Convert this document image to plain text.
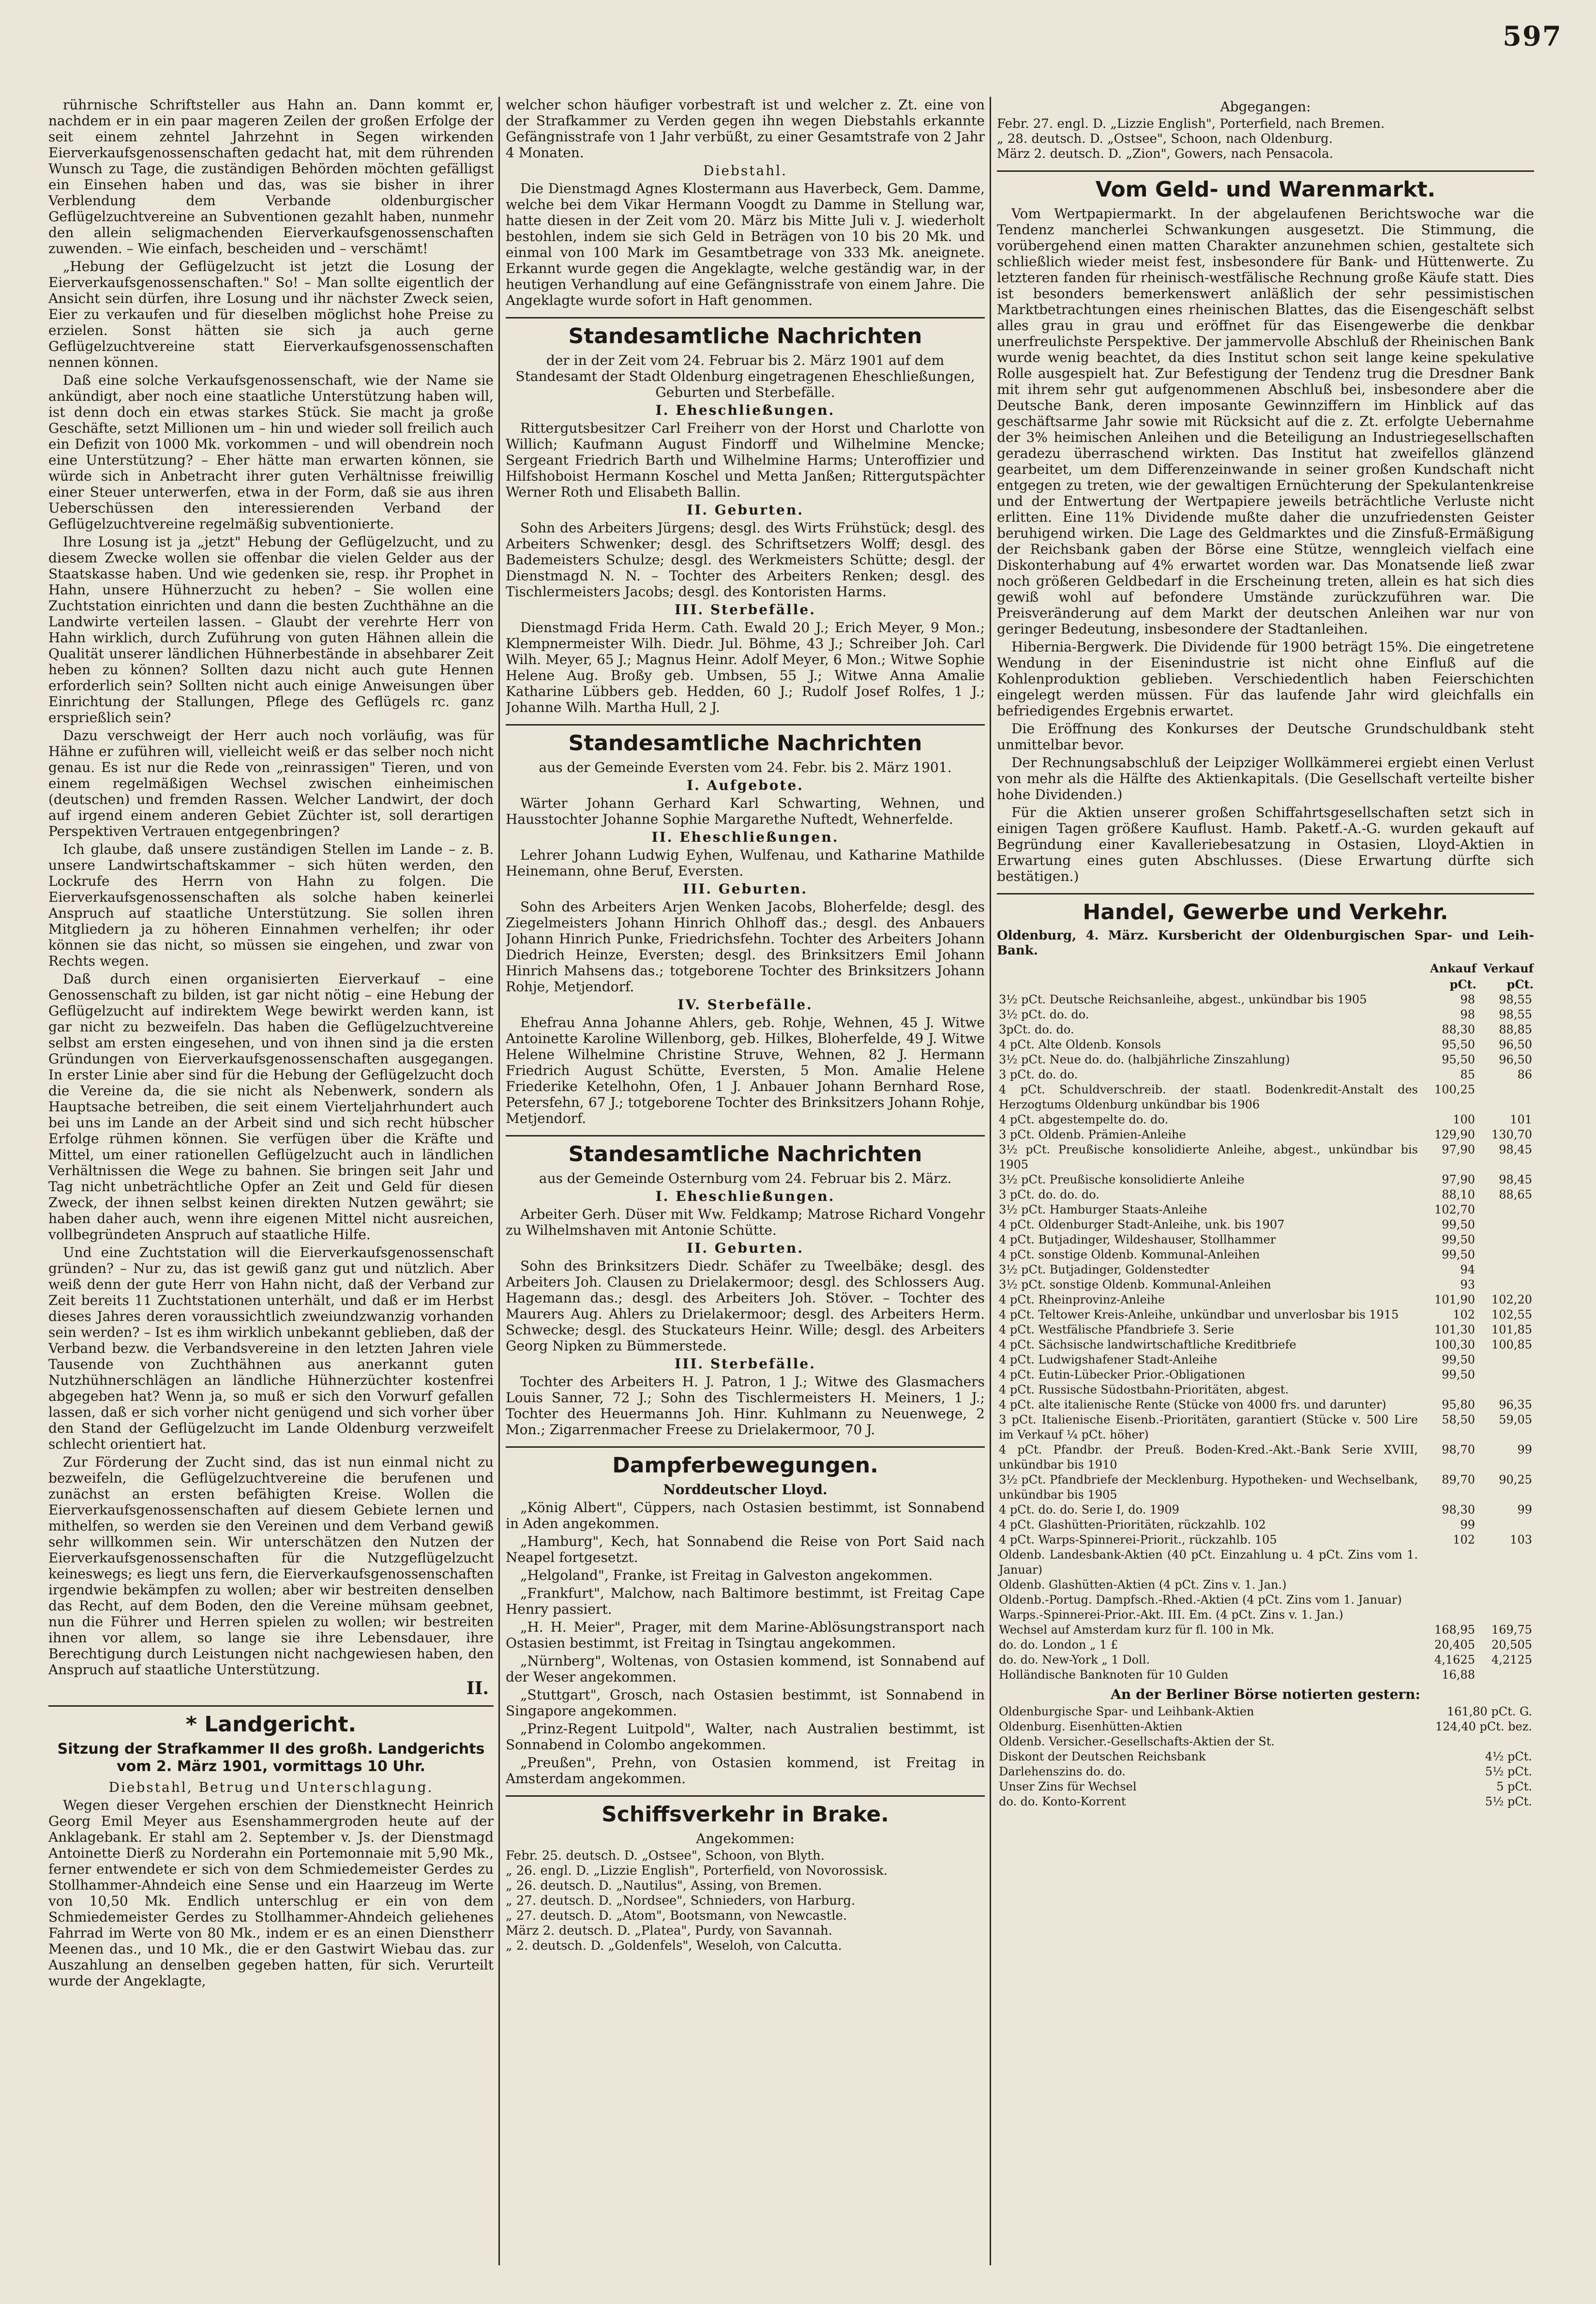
597

rührnische Schriftsteller aus Hahn an. Dann kommt er, nachdem er in ein paar mageren Zeilen der großen Erfolge der seit einem zehntel Jahrzehnt in Segen wirkenden Eierverkaufsgenossenschaften gedacht hat, mit dem rührenden Wunsch zu Tage, die zuständigen Behörden möchten gefälligst ein Einsehen haben und das, was sie bisher in ihrer Verblendung dem Verbande oldenburgischer Geflügelzuchtvereine an Subventionen gezahlt haben, nunmehr den allein seligmachenden Eierverkaufsgenossenschaften zuwenden. – Wie einfach, bescheiden und – verschämt!

„Hebung der Geflügelzucht ist jetzt die Losung der Eierverkaufsgenossenschaften." So! – Man sollte eigentlich der Ansicht sein dürfen, ihre Losung und ihr nächster Zweck seien, Eier zu verkaufen und für dieselben möglichst hohe Preise zu erzielen. Sonst hätten sie sich ja auch gerne Geflügelzuchtvereine statt Eierverkaufsgenossenschaften nennen können.

Daß eine solche Verkaufsgenossenschaft, wie der Name sie ankündigt, aber noch eine staatliche Unterstützung haben will, ist denn doch ein etwas starkes Stück. Sie macht ja große Geschäfte, setzt Millionen um – hin und wieder soll freilich auch ein Defizit von 1000 Mk. vorkommen – und will obendrein noch eine Unterstützung? – Eher hätte man erwarten können, sie würde sich in Anbetracht ihrer guten Verhältnisse freiwillig einer Steuer unterwerfen, etwa in der Form, daß sie aus ihren Ueberschüssen den interessierenden Verband der Geflügelzuchtvereine regelmäßig subventionierte.

Ihre Losung ist ja „jetzt" Hebung der Geflügelzucht, und zu diesem Zwecke wollen sie offenbar die vielen Gelder aus der Staatskasse haben. Und wie gedenken sie, resp. ihr Prophet in Hahn, unsere Hühnerzucht zu heben? – Sie wollen eine Zuchtstation einrichten und dann die besten Zuchthähne an die Landwirte verteilen lassen. – Glaubt der verehrte Herr von Hahn wirklich, durch Zuführung von guten Hähnen allein die Qualität unserer ländlichen Hühnerbestände in absehbarer Zeit heben zu können? Sollten dazu nicht auch gute Hennen erforderlich sein? Sollten nicht auch einige Anweisungen über Einrichtung der Stallungen, Pflege des Geflügels rc. ganz ersprießlich sein?

Dazu verschweigt der Herr auch noch vorläufig, was für Hähne er zuführen will, vielleicht weiß er das selber noch nicht genau. Es ist nur die Rede von „reinrassigen" Tieren, und von einem regelmäßigen Wechsel zwischen einheimischen (deutschen) und fremden Rassen. Welcher Landwirt, der doch auf irgend einem anderen Gebiet Züchter ist, soll derartigen Perspektiven Vertrauen entgegenbringen?

Ich glaube, daß unsere zuständigen Stellen im Lande – z. B. unsere Landwirtschaftskammer – sich hüten werden, den Lockrufe des Herrn von Hahn zu folgen. Die Eierverkaufsgenossenschaften als solche haben keinerlei Anspruch auf staatliche Unterstützung. Sie sollen ihren Mitgliedern ja zu höheren Einnahmen verhelfen; ihr oder können sie das nicht, so müssen sie eingehen, und zwar von Rechts wegen.

Daß durch einen organisierten Eierverkauf – eine Genossenschaft zu bilden, ist gar nicht nötig – eine Hebung der Geflügelzucht auf indirektem Wege bewirkt werden kann, ist gar nicht zu bezweifeln. Das haben die Geflügelzuchtvereine selbst am ersten eingesehen, und von ihnen sind ja die ersten Gründungen von Eierverkaufsgenossenschaften ausgegangen. In erster Linie aber sind für die Hebung der Geflügelzucht doch die Vereine da, die sie nicht als Nebenwerk, sondern als Hauptsache betreiben, die seit einem Vierteljahrhundert auch bei uns im Lande an der Arbeit sind und sich recht hübscher Erfolge rühmen können. Sie verfügen über die Kräfte und Mittel, um einer rationellen Geflügelzucht auch in ländlichen Verhältnissen die Wege zu bahnen. Sie bringen seit Jahr und Tag nicht unbeträchtliche Opfer an Zeit und Geld für diesen Zweck, der ihnen selbst keinen direkten Nutzen gewährt; sie haben daher auch, wenn ihre eigenen Mittel nicht ausreichen, vollbegründeten Anspruch auf staatliche Hilfe.

Und eine Zuchtstation will die Eierverkaufsgenossenschaft gründen? – Nur zu, das ist gewiß ganz gut und nützlich. Aber weiß denn der gute Herr von Hahn nicht, daß der Verband zur Zeit bereits 11 Zuchtstationen unterhält, und daß er im Herbst dieses Jahres deren voraussichtlich zweiundzwanzig vorhanden sein werden? – Ist es ihm wirklich unbekannt geblieben, daß der Verband bezw. die Verbandsvereine in den letzten Jahren viele Tausende von Zuchthähnen aus anerkannt guten Nutzhühnerschlägen an ländliche Hühnerzüchter kostenfrei abgegeben hat? Wenn ja, so muß er sich den Vorwurf gefallen lassen, daß er sich vorher nicht genügend und sich vorher über den Stand der Geflügelzucht im Lande Oldenburg verzweifelt schlecht orientiert hat.

Zur Förderung der Zucht sind, das ist nun einmal nicht zu bezweifeln, die Geflügelzuchtvereine die berufenen und zunächst an ersten befähigten Kreise. Wollen die Eierverkaufsgenossenschaften auf diesem Gebiete lernen und mithelfen, so werden sie den Vereinen und dem Verband gewiß sehr willkommen sein. Wir unterschätzen den Nutzen der Eierverkaufsgenossenschaften für die Nutzgeflügelzucht keineswegs; es liegt uns fern, die Eierverkaufsgenossenschaften irgendwie bekämpfen zu wollen; aber wir bestreiten denselben das Recht, auf dem Boden, den die Vereine mühsam geebnet, nun die Führer und Herren spielen zu wollen; wir bestreiten ihnen vor allem, so lange sie ihre Lebensdauer, ihre Berechtigung durch Leistungen nicht nachgewiesen haben, den Anspruch auf staatliche Unterstützung.

II.
* Landgericht.
Sitzung der Strafkammer II des großh. Landgerichts vom 2. März 1901, vormittags 10 Uhr.
Diebstahl, Betrug und Unterschlagung.

Wegen dieser Vergehen erschien der Dienstknecht Heinrich Georg Emil Meyer aus Esenshammergroden heute auf der Anklagebank. Er stahl am 2. September v. Js. der Dienstmagd Antoinette Dierß zu Norderahn ein Portemonnaie mit 5,90 Mk., ferner entwendete er sich von dem Schmiedemeister Gerdes zu Stollhammer-Ahndeich eine Sense und ein Haarzeug im Werte von 10,50 Mk. Endlich unterschlug er ein von dem Schmiedemeister Gerdes zu Stollhammer-Ahndeich geliehenes Fahrrad im Werte von 80 Mk., indem er es an einen Dienstherr Meenen das., und 10 Mk., die er den Gastwirt Wiebau das. zur Auszahlung an denselben gegeben hatten, für sich. Verurteilt wurde der Angeklagte,

welcher schon häufiger vorbestraft ist und welcher z. Zt. eine von der Strafkammer zu Verden gegen ihn wegen Diebstahls erkannte Gefängnisstrafe von 1 Jahr verbüßt, zu einer Gesamtstrafe von 2 Jahr 4 Monaten.

Diebstahl.

Die Dienstmagd Agnes Klostermann aus Haverbeck, Gem. Damme, welche bei dem Vikar Hermann Voogdt zu Damme in Stellung war, hatte diesen in der Zeit vom 20. März bis Mitte Juli v. J. wiederholt bestohlen, indem sie sich Geld in Beträgen von 10 bis 20 Mk. und einmal von 100 Mark im Gesamtbetrage von 333 Mk. aneignete. Erkannt wurde gegen die Angeklagte, welche geständig war, in der heutigen Verhandlung auf eine Gefängnisstrafe von einem Jahre. Die Angeklagte wurde sofort in Haft genommen.

Standesamtliche Nachrichten

der in der Zeit vom 24. Februar bis 2. März 1901 auf dem Standesamt der Stadt Oldenburg eingetragenen Eheschließungen, Geburten und Sterbefälle.

I. Eheschließungen.

Rittergutsbesitzer Carl Freiherr von der Horst und Charlotte von Willich; Kaufmann August Findorff und Wilhelmine Mencke; Sergeant Friedrich Barth und Wilhelmine Harms; Unteroffizier und Hilfshoboist Hermann Koschel und Metta Janßen; Rittergutspächter Werner Roth und Elisabeth Ballin.

II. Geburten.

Sohn des Arbeiters Jürgens; desgl. des Wirts Frühstück; desgl. des Arbeiters Schwenker; desgl. des Schriftsetzers Wolff; desgl. des Bademeisters Schulze; desgl. des Werkmeisters Schütte; desgl. der Dienstmagd N. N. – Tochter des Arbeiters Renken; desgl. des Tischlermeisters Jacobs; desgl. des Kontoristen Harms.

III. Sterbefälle.

Dienstmagd Frida Herm. Cath. Ewald 20 J.; Erich Meyer, 9 Mon.; Klempnermeister Wilh. Diedr. Jul. Böhme, 43 J.; Schreiber Joh. Carl Wilh. Meyer, 65 J.; Magnus Heinr. Adolf Meyer, 6 Mon.; Witwe Sophie Helene Aug. Broßy geb. Umbsen, 55 J.; Witwe Anna Amalie Katharine Lübbers geb. Hedden, 60 J.; Rudolf Josef Rolfes, 1 J.; Johanne Wilh. Martha Hull, 2 J.

Standesamtliche Nachrichten

aus der Gemeinde Eversten vom 24. Febr. bis 2. März 1901.

I. Aufgebote.

Wärter Johann Gerhard Karl Schwarting, Wehnen, und Hausstochter Johanne Sophie Margarethe Nuftedt, Wehnerfelde.

II. Eheschließungen.

Lehrer Johann Ludwig Eyhen, Wulfenau, und Katharine Mathilde Heinemann, ohne Beruf, Eversten.

III. Geburten.

Sohn des Arbeiters Arjen Wenken Jacobs, Bloherfelde; desgl. des Ziegelmeisters Johann Hinrich Ohlhoff das.; desgl. des Anbauers Johann Hinrich Punke, Friedrichsfehn. Tochter des Arbeiters Johann Diedrich Heinze, Eversten; desgl. des Brinksitzers Emil Johann Hinrich Mahsens das.; totgeborene Tochter des Brinksitzers Johann Rohje, Metjendorf.

IV. Sterbefälle.

Ehefrau Anna Johanne Ahlers, geb. Rohje, Wehnen, 45 J. Witwe Antoinette Karoline Willenborg, geb. Hilkes, Bloherfelde, 49 J. Witwe Helene Wilhelmine Christine Struve, Wehnen, 82 J. Hermann Friedrich August Schütte, Eversten, 5 Mon. Amalie Helene Friederike Ketelhohn, Ofen, 1 J. Anbauer Johann Bernhard Rose, Petersfehn, 67 J.; totgeborene Tochter des Brinksitzers Johann Rohje, Metjendorf.

Standesamtliche Nachrichten

aus der Gemeinde Osternburg vom 24. Februar bis 2. März.

I. Eheschließungen.

Arbeiter Gerh. Düser mit Ww. Feldkamp; Matrose Richard Vongehr zu Wilhelmshaven mit Antonie Schütte.

II. Geburten.

Sohn des Brinksitzers Diedr. Schäfer zu Tweelbäke; desgl. des Arbeiters Joh. Clausen zu Drielakermoor; desgl. des Schlossers Aug. Hagemann das.; desgl. des Arbeiters Joh. Stöver. – Tochter des Maurers Aug. Ahlers zu Drielakermoor; desgl. des Arbeiters Herm. Schwecke; desgl. des Stuckateurs Heinr. Wille; desgl. des Arbeiters Georg Nipken zu Bümmerstede.

III. Sterbefälle.

Tochter des Arbeiters H. J. Patron, 1 J.; Witwe des Glasmachers Louis Sanner, 72 J.; Sohn des Tischlermeisters H. Meiners, 1 J.; Tochter des Heuermanns Joh. Hinr. Kuhlmann zu Neuenwege, 2 Mon.; Zigarrenmacher Freese zu Drielakermoor, 70 J.

Dampferbewegungen.
Norddeutscher Lloyd.

„König Albert", Cüppers, nach Ostasien bestimmt, ist Sonnabend in Aden angekommen.

„Hamburg", Kech, hat Sonnabend die Reise von Port Said nach Neapel fortgesetzt.

„Helgoland", Franke, ist Freitag in Galveston angekommen.

„Frankfurt", Malchow, nach Baltimore bestimmt, ist Freitag Cape Henry passiert.

„H. H. Meier", Prager, mit dem Marine-Ablösungstransport nach Ostasien bestimmt, ist Freitag in Tsingtau angekommen.

„Nürnberg", Woltenas, von Ostasien kommend, ist Sonnabend auf der Weser angekommen.

„Stuttgart", Grosch, nach Ostasien bestimmt, ist Sonnabend in Singapore angekommen.

„Prinz-Regent Luitpold", Walter, nach Australien bestimmt, ist Sonnabend in Colombo angekommen.

„Preußen", Prehn, von Ostasien kommend, ist Freitag in Amsterdam angekommen.

Schiffsverkehr in Brake.
Angekommen:

Febr. 25. deutsch. D. „Ostsee", Schoon, von Blyth.

„ 26. engl. D. „Lizzie English", Porterfield, von Novorossisk.

„ 26. deutsch. D. „Nautilus", Assing, von Bremen.

„ 27. deutsch. D. „Nordsee", Schnieders, von Harburg.

„ 27. deutsch. D. „Atom", Bootsmann, von Newcastle.

März 2. deutsch. D. „Platea", Purdy, von Savannah.

„ 2. deutsch. D. „Goldenfels", Weseloh, von Calcutta.

Abgegangen:

Febr. 27. engl. D. „Lizzie English", Porterfield, nach Bremen.

„ 28. deutsch. D. „Ostsee", Schoon, nach Oldenburg.

März 2. deutsch. D. „Zion", Gowers, nach Pensacola.

Vom Geld- und Warenmarkt.

Vom Wertpapiermarkt. In der abgelaufenen Berichtswoche war die Tendenz mancherlei Schwankungen ausgesetzt. Die Stimmung, die vorübergehend einen matten Charakter anzunehmen schien, gestaltete sich schließlich wieder meist fest, insbesondere für Bank- und Hüttenwerte. Zu letzteren fanden für rheinisch-westfälische Rechnung große Käufe statt. Dies ist besonders bemerkenswert anläßlich der sehr pessimistischen Marktbetrachtungen eines rheinischen Blattes, das die Eisengeschäft selbst alles grau in grau und eröffnet für das Eisengewerbe die denkbar unerfreulichste Perspektive. Der jammervolle Abschluß der Rheinischen Bank wurde wenig beachtet, da dies Institut schon seit lange keine spekulative Rolle ausgespielt hat. Zur Befestigung der Tendenz trug die Dresdner Bank mit ihrem sehr gut aufgenommenen Abschluß bei, insbesondere aber die Deutsche Bank, deren imposante Gewinnziffern im Hinblick auf das geschäftsarme Jahr sowie mit Rücksicht auf die z. Zt. erfolgte Uebernahme der 3% heimischen Anleihen und die Beteiligung an Industriegesellschaften geradezu überraschend wirkten. Das Institut hat zweifellos glänzend gearbeitet, um dem Differenzeinwande in seiner großen Kundschaft nicht entgegen zu treten, wie der gewaltigen Ernüchterung der Spekulantenkreise und der Entwertung der Wertpapiere jeweils beträchtliche Verluste nicht erlitten. Eine 11% Dividende mußte daher die unzufriedensten Geister beruhigend wirken. Die Lage des Geldmarktes und die Zinsfuß-Ermäßigung der Reichsbank gaben der Börse eine Stütze, wenngleich vielfach eine Diskonterhabung auf 4% erwartet worden war. Das Monatsende ließ zwar noch größeren Geldbedarf in die Erscheinung treten, allein es hat sich dies gewiß wohl auf befondere Umstände zurückzuführen war. Die Preisveränderung auf dem Markt der deutschen Anleihen war nur von geringer Bedeutung, insbesondere der Stadtanleihen.

Hibernia-Bergwerk. Die Dividende für 1900 beträgt 15%. Die eingetretene Wendung in der Eisenindustrie ist nicht ohne Einfluß auf die Kohlenproduktion geblieben. Verschiedentlich haben Feierschichten eingelegt werden müssen. Für das laufende Jahr wird gleichfalls ein befriedigendes Ergebnis erwartet.

Die Eröffnung des Konkurses der Deutsche Grundschuldbank steht unmittelbar bevor.

Der Rechnungsabschluß der Leipziger Wollkämmerei ergiebt einen Verlust von mehr als die Hälfte des Aktienkapitals. (Die Gesellschaft verteilte bisher hohe Dividenden.)

Für die Aktien unserer großen Schiffahrtsgesellschaften setzt sich in einigen Tagen größere Kauflust. Hamb. Paketf.-A.-G. wurden gekauft auf Begründung einer Kavalleriebesatzung in Ostasien, Lloyd-Aktien in Erwartung eines guten Abschlusses. (Diese Erwartung dürfte sich bestätigen.)

Handel, Gewerbe und Verkehr.

Oldenburg, 4. März. Kursbericht der Oldenburgischen Spar- und Leih-Bank.

	Ankauf	Verkauf
	pCt.	pCt.
3½ pCt. Deutsche Reichsanleihe, abgest., unkündbar bis 1905	98	98,55
3½ pCt. do. do.	98	98,55
3pCt. do. do.	88,30	88,85
4 pCt. Alte Oldenb. Konsols	95,50	96,50
3½ pCt. Neue do. do. (halbjährliche Zinszahlung)	95,50	96,50
3 pCt. do. do.	85	86
4 pCt. Schuldverschreib. der staatl. Bodenkredit-Anstalt des Herzogtums Oldenburg unkündbar bis 1906	100,25	
4 pCt. abgestempelte do. do.	100	101
3 pCt. Oldenb. Prämien-Anleihe	129,90	130,70
3½ pCt. Preußische konsolidierte Anleihe, abgest., unkündbar bis 1905	97,90	98,45
3½ pCt. Preußische konsolidierte Anleihe	97,90	98,45
3 pCt. do. do. do.	88,10	88,65
3½ pCt. Hamburger Staats-Anleihe	102,70	
4 pCt. Oldenburger Stadt-Anleihe, unk. bis 1907	99,50	
4 pCt. Butjadinger, Wildeshauser, Stollhammer	99,50	
4 pCt. sonstige Oldenb. Kommunal-Anleihen	99,50	
3½ pCt. Butjadinger, Goldenstedter	94	
3½ pCt. sonstige Oldenb. Kommunal-Anleihen	93	
4 pCt. Rheinprovinz-Anleihe	101,90	102,20
4 pCt. Teltower Kreis-Anleihe, unkündbar und unverlosbar bis 1915	102	102,55
4 pCt. Westfälische Pfandbriefe 3. Serie	101,30	101,85
4 pCt. Sächsische landwirtschaftliche Kreditbriefe	100,30	100,85
4 pCt. Ludwigshafener Stadt-Anleihe	99,50	
4 pCt. Eutin-Lübecker Prior.-Obligationen	99,50	
4 pCt. Russische Südostbahn-Prioritäten, abgest.		
4 pCt. alte italienische Rente (Stücke von 4000 frs. und darunter)	95,80	96,35
3 pCt. Italienische Eisenb.-Prioritäten, garantiert (Stücke v. 500 Lire im Verkauf ¼ pCt. höher)	58,50	59,05
4 pCt. Pfandbr. der Preuß. Boden-Kred.-Akt.-Bank Serie XVIII, unkündbar bis 1910	98,70	99
3½ pCt. Pfandbriefe der Mecklenburg. Hypotheken- und Wechselbank, unkündbar bis 1905	89,70	90,25
4 pCt. do. do. Serie I, do. 1909	98,30	99
4 pCt. Glashütten-Prioritäten, rückzahlb. 102	99	
4 pCt. Warps-Spinnerei-Priorit., rückzahlb. 105	102	103
Oldenb. Landesbank-Aktien (40 pCt. Einzahlung u. 4 pCt. Zins vom 1. Januar)		
Oldenb. Glashütten-Aktien (4 pCt. Zins v. 1. Jan.)		
Oldenb.-Portug. Dampfsch.-Rhed.-Aktien (4 pCt. Zins vom 1. Januar)		
Warps.-Spinnerei-Prior.-Akt. III. Em. (4 pCt. Zins v. 1. Jan.)		
Wechsel auf Amsterdam kurz für fl. 100 in Mk.	168,95	169,75
do. do. London „ 1 £	20,405	20,505
do. do. New-York „ 1 Doll.	4,1625	4,2125
Holländische Banknoten für 10 Gulden	16,88	
An der Berliner Börse notierten gestern:
Oldenburgische Spar- und Leihbank-Aktien	161,80 pCt. G.
Oldenburg. Eisenhütten-Aktien	124,40 pCt. bez.
Oldenb. Versicher.-Gesellschafts-Aktien der St.	
Diskont der Deutschen Reichsbank	4½ pCt.
Darlehenszins do. do.	5½ pCt.
Unser Zins für Wechsel	5 pCt.
do. do. Konto-Korrent	5½ pCt.
